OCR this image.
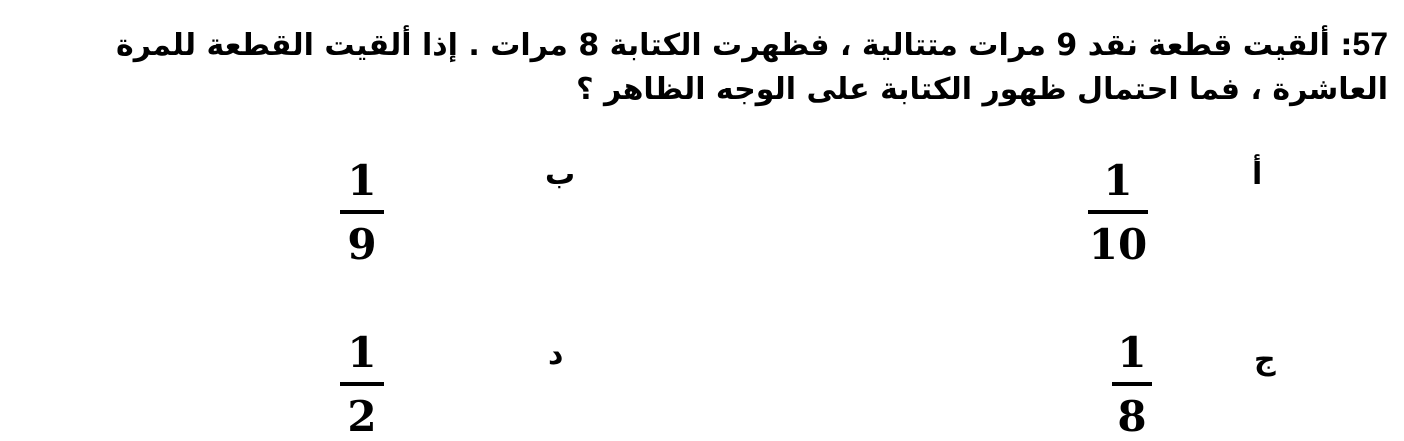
57: ألقيت قطعة نقد 9 مرات متتالية ، فظهرت الكتابة 8 مرات . إذا ألقيت القطعة للمرة العاشرة ، فما احتمال ظهور الكتابة على الوجه الظاهر ؟
أ
1
10
ب
1
9
ج
1
8
د
1
2
